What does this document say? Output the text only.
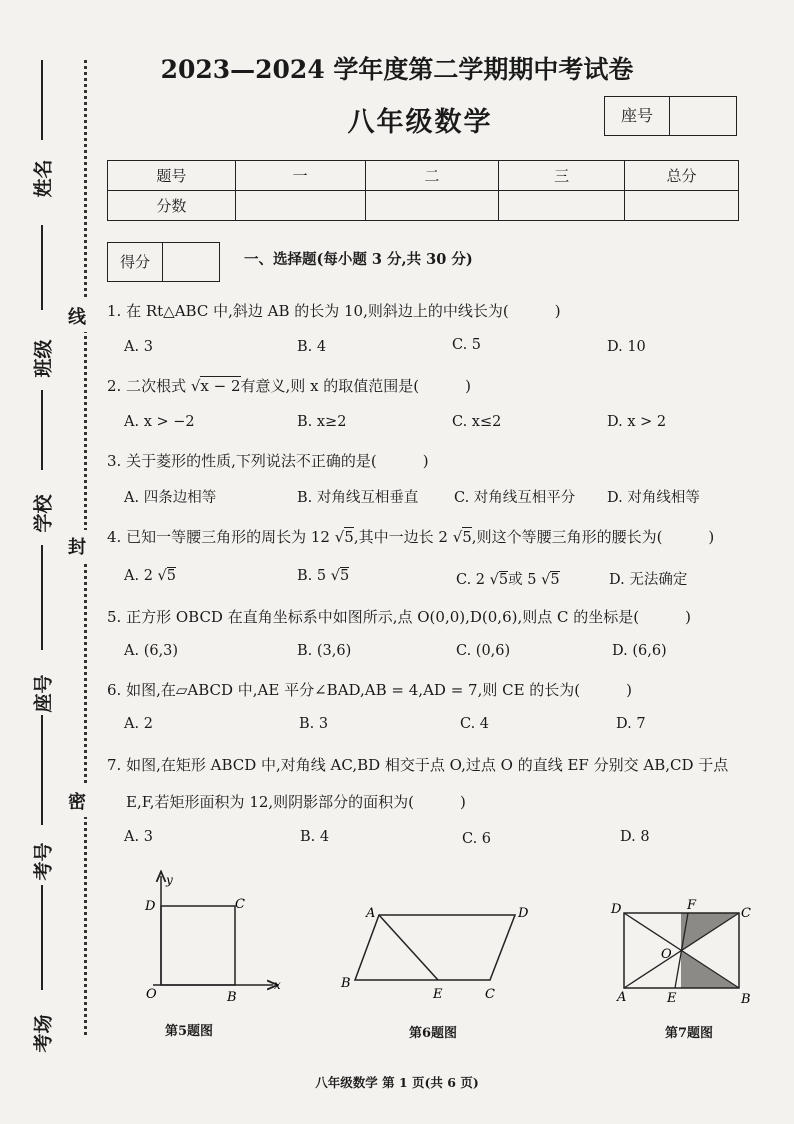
姓名
班级
学校
座号
考号
考场
线
封
密
2023—2024 学年度第二学期期中考试卷
八年级数学	座号
题号	一	二	三	总分
分数				
得分	一、选择题(每小题 3 分,共 30 分)
1. 在 Rt△ABC 中,斜边 AB 的长为 10,则斜边上的中线长为(	)
A. 3	B. 4	C. 5	D. 10
2. 二次根式 √x − 2有意义,则 x 的取值范围是(	)
A. x > −2	B. x≥2	C. x≤2	D. x > 2
3. 关于菱形的性质,下列说法不正确的是(	)
A. 四条边相等	B. 对角线互相垂直 C. 对角线互相平分 D. 对角线相等
4. 已知一等腰三角形的周长为 12 √5,其中一边长 2 √5,则这个等腰三角形的腰长为(	)
A. 2 √5	B. 5 √5	C. 2 √5或 5 √5	D. 无法确定
5. 正方形 OBCD 在直角坐标系中如图所示,点 O(0,0),D(0,6),则点 C 的坐标是(	)
A. (6,3)	B. (3,6)	C. (0,6)	D. (6,6)
6. 如图,在▱ABCD 中,AE 平分∠BAD,AB = 4,AD = 7,则 CE 的长为(	)
A. 2	B. 3	C. 4	D. 7
7. 如图,在矩形 ABCD 中,对角线 AC,BD 相交于点 O,过点 O 的直线 EF 分别交 AB,CD 于点
E,F,若矩形面积为 12,则阴影部分的面积为(	)
A. 3	B. 4	C. 6	D. 8
y
x
D	C
O	B
第5题图
A	D
B
E	C
第6题图
D	F
C
O
A	E	B
第7题图
八年级数学 第 1 页(共 6 页)
